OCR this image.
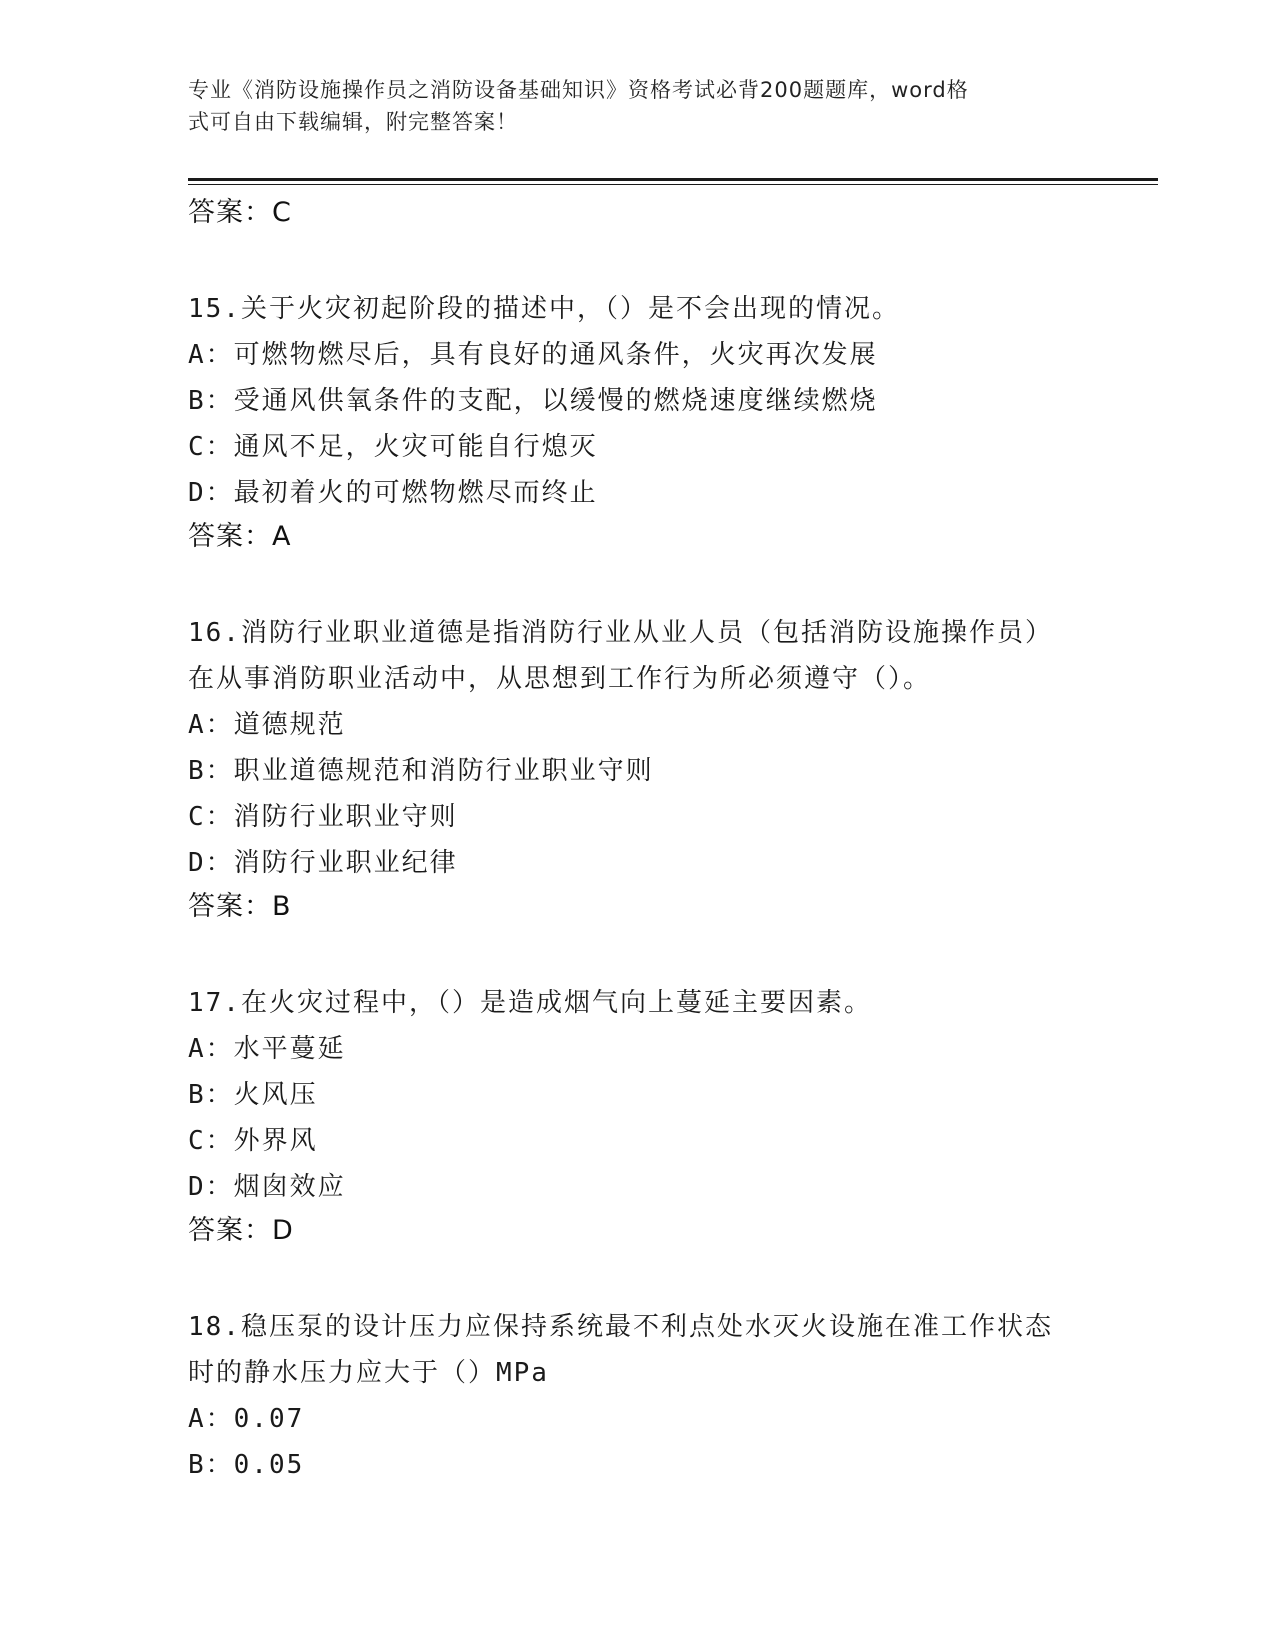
专业《消防设施操作员之消防设备基础知识》资格考试必背200题题库，word格
式可自由下载编辑，附完整答案！
答案：C
15.关于火灾初起阶段的描述中，（）是不会出现的情况。
A：可燃物燃尽后，具有良好的通风条件，火灾再次发展
B：受通风供氧条件的支配，以缓慢的燃烧速度继续燃烧
C：通风不足，火灾可能自行熄灭
D：最初着火的可燃物燃尽而终止
答案：A
16.消防行业职业道德是指消防行业从业人员（包括消防设施操作员）
在从事消防职业活动中，从思想到工作行为所必须遵守（）。
A：道德规范
B：职业道德规范和消防行业职业守则
C：消防行业职业守则
D：消防行业职业纪律
答案：B
17.在火灾过程中，（）是造成烟气向上蔓延主要因素。
A：水平蔓延
B：火风压
C：外界风
D：烟囱效应
答案：D
18.稳压泵的设计压力应保持系统最不利点处水灭火设施在准工作状态
时的静水压力应大于（）MPa
A：0.07
B：0.05
